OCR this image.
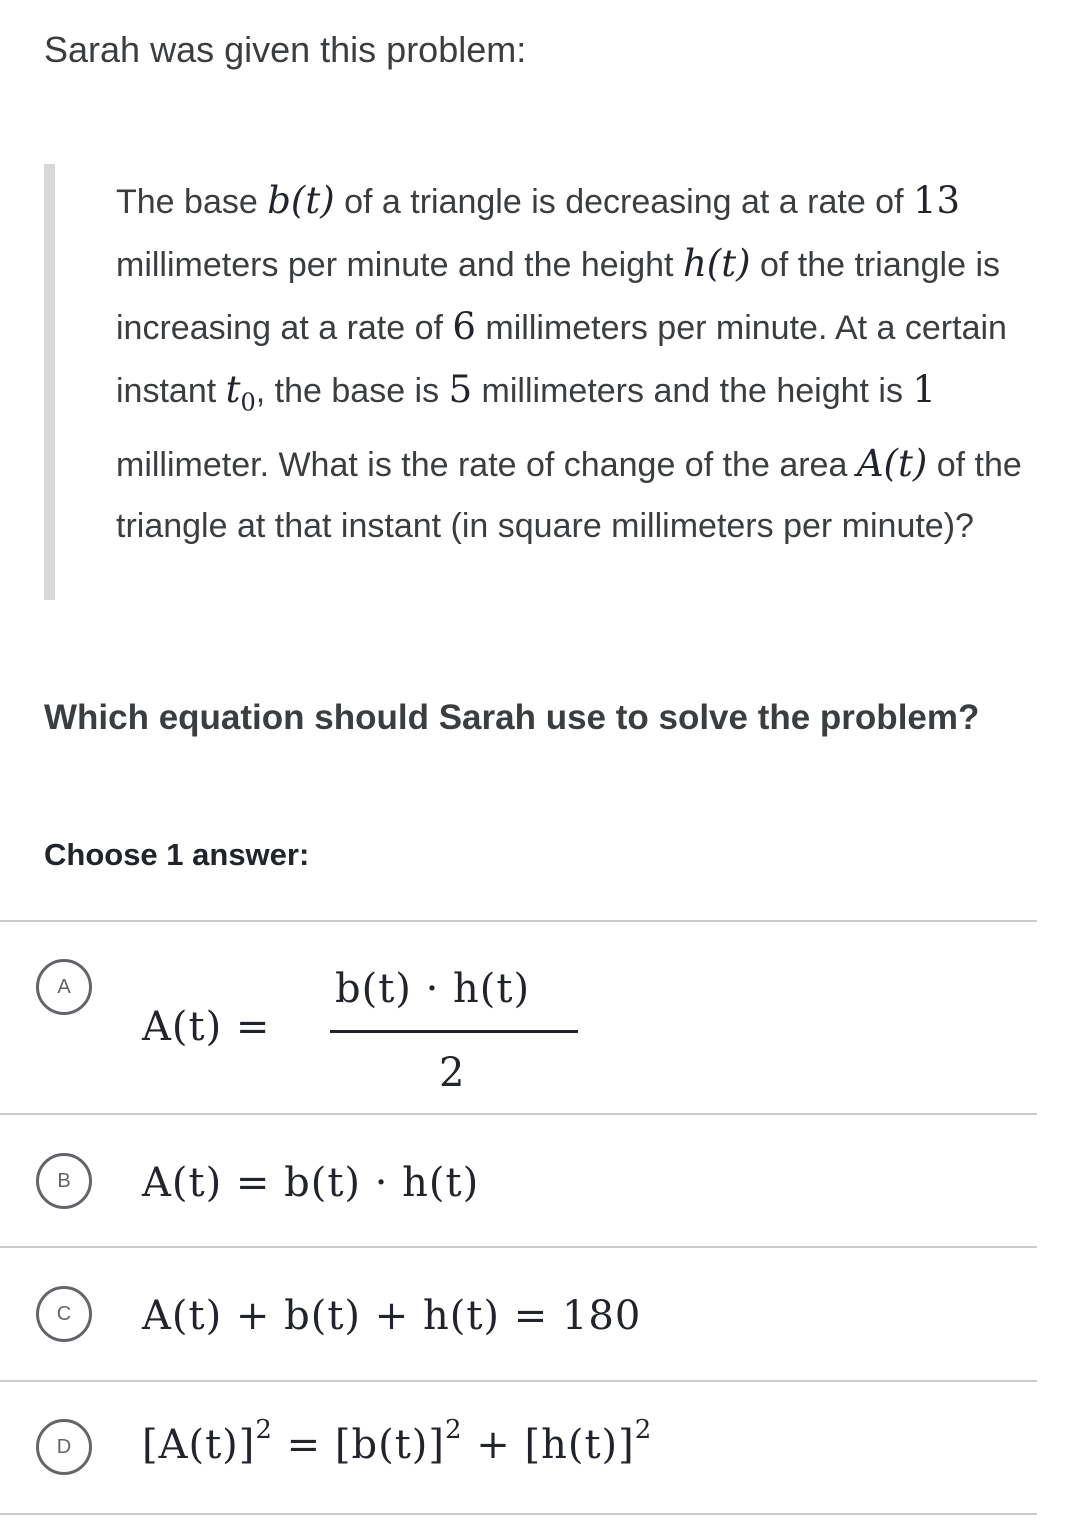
Sarah was given this problem:

The base b(t) of a triangle is decreasing at a rate of 13 millimeters per minute and the height h(t) of the triangle is increasing at a rate of 6 millimeters per minute. At a certain instant $t_0$, the base is 5 millimeters and the height is 1 millimeter. What is the rate of change of the area A(t) of the triangle at that instant (in square millimeters per minute)?

Which equation should Sarah use to solve the problem?

Choose 1 answer:

A
A(t) =
b(t) · h(t)
2
B	A(t) = b(t) · h(t)
C	A(t) + b(t) + h(t) = 180
D	$[A(t)]^2 = [b(t)]^2 + [h(t)]^2$
